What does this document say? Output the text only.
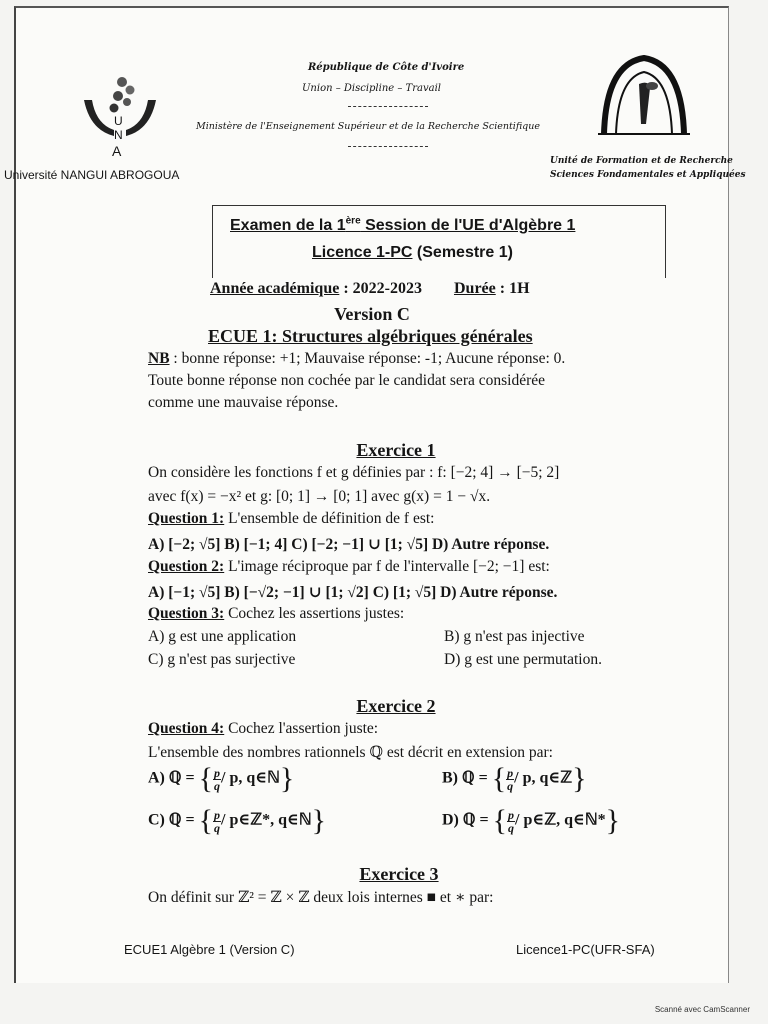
U
N
A
Université NANGUI ABROGOUA
République de Côte d'Ivoire
Union – Discipline – Travail
Ministère de l'Enseignement Supérieur et de la Recherche Scientifique
Unité de Formation et de Recherche
Sciences Fondamentales et Appliquées
Examen de la 1ère Session de l'UE d'Algèbre 1
Licence 1-PC (Semestre 1)
Année académique : 2022-2023 Durée : 1H
Version C
ECUE 1: Structures algébriques générales
NB : bonne réponse: +1; Mauvaise réponse: -1; Aucune réponse: 0.
Toute bonne réponse non cochée par le candidat sera considérée
comme une mauvaise réponse.
Exercice 1
On considère les fonctions f et g définies par : f: [−2; 4] → [−5; 2]
avec f(x) = −x² et g: [0; 1] → [0; 1] avec g(x) = 1 − √x.
Question 1: L'ensemble de définition de f est:
A) [−2; √5] B) [−1; 4] C) [−2; −1] ∪ [1; √5] D) Autre réponse.
Question 2: L'image réciproque par f de l'intervalle [−2; −1] est:
A) [−1; √5] B) [−√2; −1] ∪ [1; √2] C) [1; √5] D) Autre réponse.
Question 3: Cochez les assertions justes:
A) g est une application	B) g n'est pas injective
C) g n'est pas surjective	D) g est une permutation.
Exercice 2
Question 4: Cochez l'assertion juste:
L'ensemble des nombres rationnels ℚ est décrit en extension par:
A) ℚ = { $\frac{p}{q}$ / p, q∈ℕ}	B) ℚ = { $\frac{p}{q}$ / p, q∈ℤ}
C) ℚ = { $\frac{p}{q}$ / p∈ℤ*, q∈ℕ}	D) ℚ = { $\frac{p}{q}$ / p∈ℤ, q∈ℕ*}
Exercice 3
On définit sur ℤ² = ℤ × ℤ deux lois internes ■ et ∗ par:
ECUE1 Algèbre 1 (Version C)	Licence1-PC(UFR-SFA)
Scanné avec CamScanner
